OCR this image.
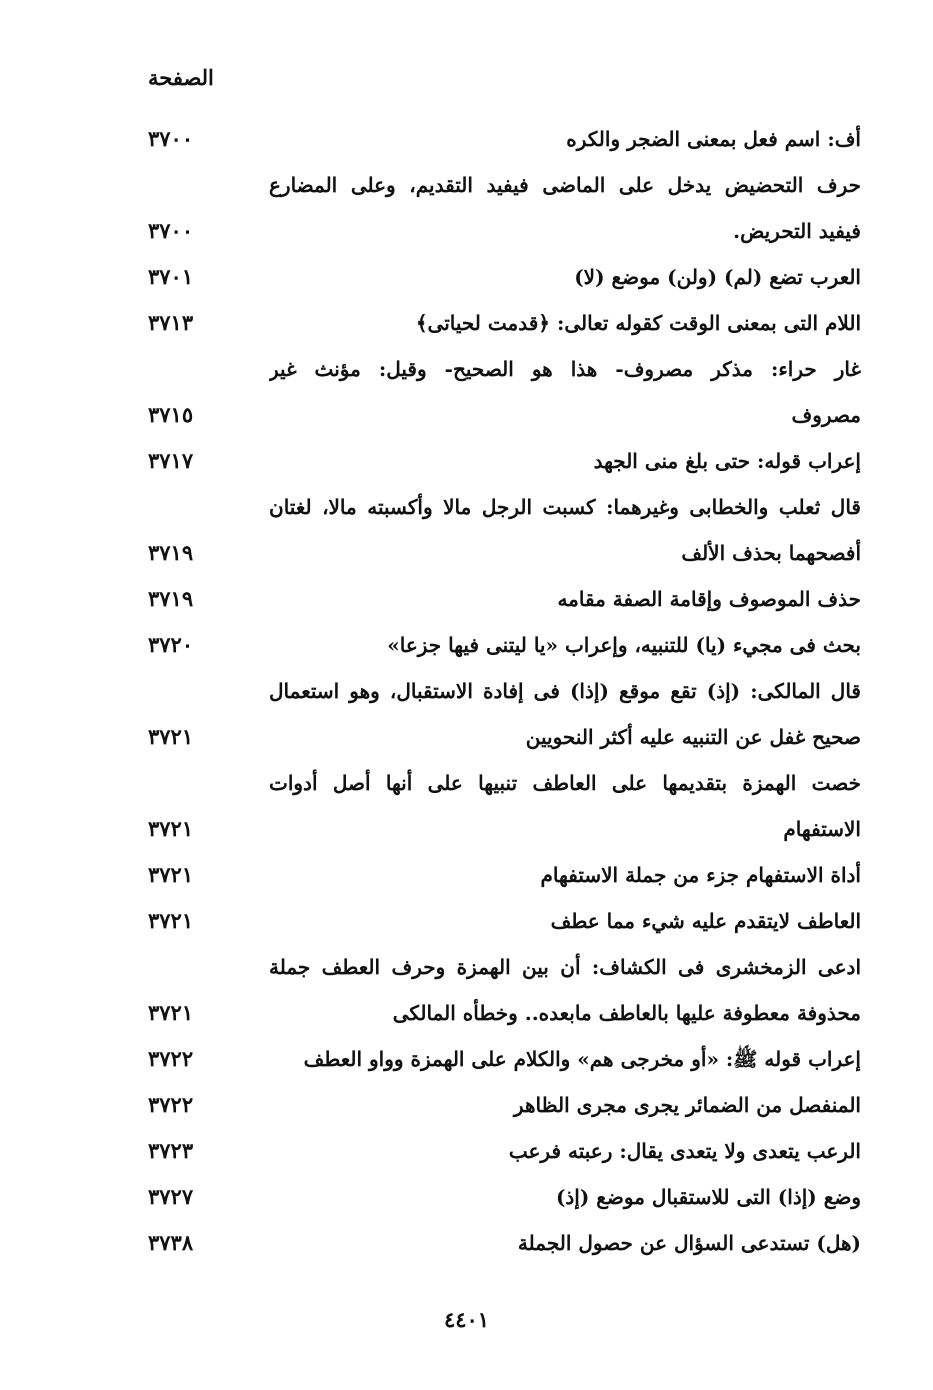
الصفحة
أف: اسم فعل بمعنى الضجر والكره
٣٧٠٠
حرف التحضيض يدخل على الماضى فيفيد التقديم، وعلى المضارع
فيفيد التحريض.
٣٧٠٠
العرب تضع (لم) (ولن) موضع (لا)
٣٧٠١
اللام التى بمعنى الوقت كقوله تعالى: ﴿قدمت لحياتى﴾
٣٧١٣
غار حراء: مذكر مصروف- هذا هو الصحيح- وقيل: مؤنث غير
مصروف
٣٧١٥
إعراب قوله: حتى بلغ منى الجهد
٣٧١٧
قال ثعلب والخطابى وغيرهما: كسبت الرجل مالا وأكسبته مالا، لغتان
أفصحهما بحذف الألف
٣٧١٩
حذف الموصوف وإقامة الصفة مقامه
٣٧١٩
بحث فى مجيء (يا) للتنبيه، وإعراب «يا ليتنى فيها جزعا»
٣٧٢٠
قال المالكى: (إذ) تقع موقع (إذا) فى إفادة الاستقبال، وهو استعمال
صحيح غفل عن التنبيه عليه أكثر النحويين
٣٧٢١
خصت الهمزة بتقديمها على العاطف تنبيها على أنها أصل أدوات
الاستفهام
٣٧٢١
أداة الاستفهام جزء من جملة الاستفهام
٣٧٢١
العاطف لايتقدم عليه شيء مما عطف
٣٧٢١
ادعى الزمخشرى فى الكشاف: أن بين الهمزة وحرف العطف جملة
محذوفة معطوفة عليها بالعاطف مابعده.. وخطأه المالكى
٣٧٢١
إعراب قوله ﷺ: «أو مخرجى هم» والكلام على الهمزة وواو العطف
٣٧٢٢
المنفصل من الضمائر يجرى مجرى الظاهر
٣٧٢٢
الرعب يتعدى ولا يتعدى يقال: رعبته فرعب
٣٧٢٣
وضع (إذا) التى للاستقبال موضع (إذ)
٣٧٢٧
(هل) تستدعى السؤال عن حصول الجملة
٣٧٣٨
٤٤٠١
